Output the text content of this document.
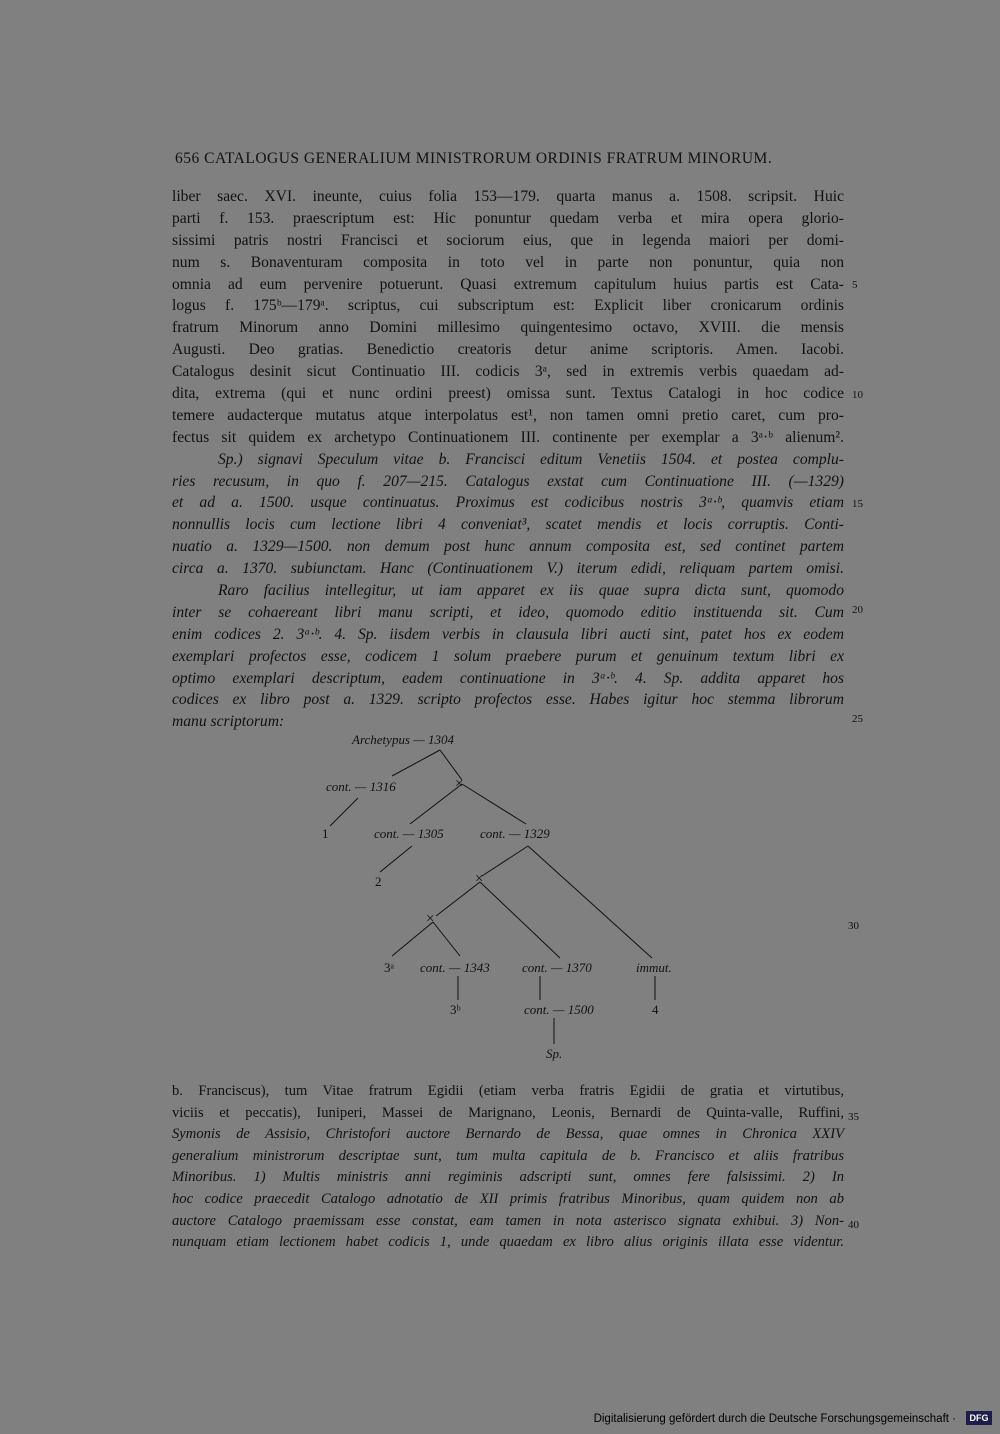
656 CATALOGUS GENERALIUM MINISTRORUM ORDINIS FRATRUM MINORUM.
liber saec. XVI. ineunte, cuius folia 153—179. quarta manus a. 1508. scripsit. Huic
parti f. 153. praescriptum est: Hic ponuntur quedam verba et mira opera glorio-
sissimi patris nostri Francisci et sociorum eius, que in legenda maiori per domi-
num s. Bonaventuram composita in toto vel in parte non ponuntur, quia non
omnia ad eum pervenire potuerunt. Quasi extremum capitulum huius partis est Cata-
logus f. 175ᵇ—179ᵃ. scriptus, cui subscriptum est: Explicit liber cronicarum ordinis
fratrum Minorum anno Domini millesimo quingentesimo octavo, XVIII. die mensis
Augusti. Deo gratias. Benedictio creatoris detur anime scriptoris. Amen. Iacobi.
Catalogus desinit sicut Continuatio III. codicis 3ᵃ, sed in extremis verbis quaedam ad-
dita, extrema (qui et nunc ordini preest) omissa sunt. Textus Catalogi in hoc codice
temere audacterque mutatus atque interpolatus est¹, non tamen omni pretio caret, cum pro-
fectus sit quidem ex archetypo Continuationem III. continente per exemplar a 3ᵃ·ᵇ alienum².
Sp.) signavi Speculum vitae b. Francisci editum Venetiis 1504. et postea complu-
ries recusum, in quo f. 207—215. Catalogus exstat cum Continuatione III. (—1329)
et ad a. 1500. usque continuatus. Proximus est codicibus nostris 3ᵃ·ᵇ, quamvis etiam
nonnullis locis cum lectione libri 4 conveniat³, scatet mendis et locis corruptis. Conti-
nuatio a. 1329—1500. non demum post hunc annum composita est, sed continet partem
circa a. 1370. subiunctam. Hanc (Continuationem V.) iterum edidi, reliquam partem omisi.
Raro facilius intellegitur, ut iam apparet ex iis quae supra dicta sunt, quomodo
inter se cohaereant libri manu scripti, et ideo, quomodo editio instituenda sit. Cum
enim codices 2. 3ᵃ·ᵇ. 4. Sp. iisdem verbis in clausula libri aucti sint, patet hos ex eodem
exemplari profectos esse, codicem 1 solum praebere purum et genuinum textum libri ex
optimo exemplari descriptum, eadem continuatione in 3ᵃ·ᵇ. 4. Sp. addita apparet hos
codices ex libro post a. 1329. scripto profectos esse. Habes igitur hoc stemma librorum
manu scriptorum:
5
10
15
20
25
30
35
40
Archetypus — 1304
cont. — 1316	×
1	cont. — 1305	cont. — 1329
2	×
×
3ᵃ cont. — 1343 cont. — 1370	immut.
3ᵇ	cont. — 1500	4
Sp.
b. Franciscus), tum Vitae fratrum Egidii (etiam verba fratris Egidii de gratia et virtutibus,
viciis et peccatis), Iuniperi, Massei de Marignano, Leonis, Bernardi de Quinta-valle, Ruffini,
Symonis de Assisio, Christofori auctore Bernardo de Bessa, quae omnes in Chronica XXIV
generalium ministrorum descriptae sunt, tum multa capitula de b. Francisco et aliis fratribus
Minoribus. 1) Multis ministris anni regiminis adscripti sunt, omnes fere falsissimi. 2) In
hoc codice praecedit Catalogo adnotatio de XII primis fratribus Minoribus, quam quidem non ab
auctore Catalogo praemissam esse constat, eam tamen in nota asterisco signata exhibui. 3) Non-
nunquam etiam lectionem habet codicis 1, unde quaedam ex libro alius originis illata esse videntur.
Digitalisierung gefördert durch die Deutsche Forschungsgemeinschaft ·	DFG
